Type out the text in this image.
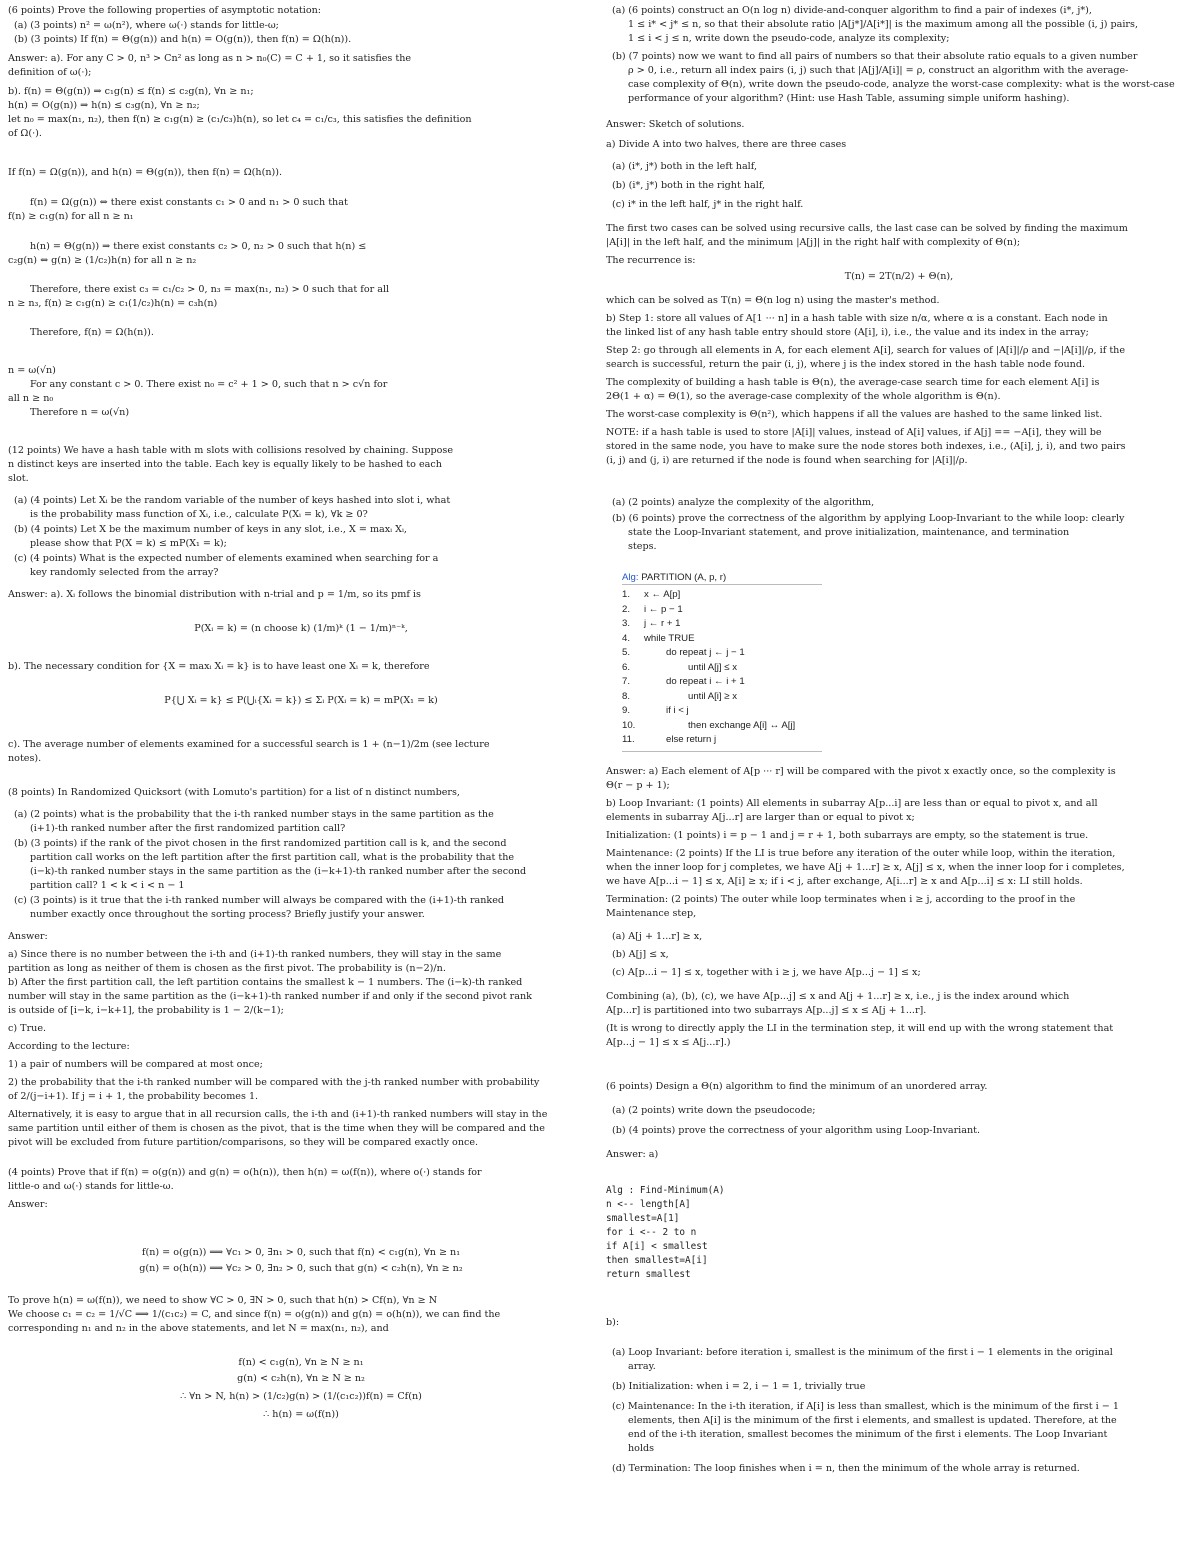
(6 points) Prove the following properties of asymptotic notation:
(a) (3 points) n² = ω(n²), where ω(·) stands for little-ω;
(b) (3 points) If f(n) = Θ(g(n)) and h(n) = O(g(n)), then f(n) = Ω(h(n)).
Answer: a). For any C > 0, n³ > Cn² as long as n > n₀(C) = C + 1, so it satisfies the
definition of ω(·);
b). f(n) = Θ(g(n)) ⇒ c₁g(n) ≤ f(n) ≤ c₂g(n), ∀n ≥ n₁;
h(n) = O(g(n)) ⇒ h(n) ≤ c₃g(n), ∀n ≥ n₂;
let n₀ = max(n₁, n₂), then f(n) ≥ c₁g(n) ≥ (c₁/c₃)h(n), so let c₄ = c₁/c₃, this satisfies the definition
of Ω(·).
If f(n) = Ω(g(n)), and h(n) = Θ(g(n)), then f(n) = Ω(h(n)).
f(n) = Ω(g(n)) ⇔ there exist constants c₁ > 0 and n₁ > 0 such that
f(n) ≥ c₁g(n) for all n ≥ n₁
h(n) = Θ(g(n)) ⇒ there exist constants c₂ > 0, n₂ > 0 such that h(n) ≤
c₂g(n) ⇔ g(n) ≥ (1/c₂)h(n) for all n ≥ n₂
Therefore, there exist c₃ = c₁/c₂ > 0, n₃ = max(n₁, n₂) > 0 such that for all
n ≥ n₃, f(n) ≥ c₁g(n) ≥ c₁(1/c₂)h(n) = c₃h(n)
Therefore, f(n) = Ω(h(n)).
n = ω(√n)
For any constant c > 0. There exist n₀ = c² + 1 > 0, such that n > c√n for
all n ≥ n₀
Therefore n = ω(√n)
(12 points) We have a hash table with m slots with collisions resolved by chaining. Suppose
n distinct keys are inserted into the table. Each key is equally likely to be hashed to each
slot.
(a) (4 points) Let Xᵢ be the random variable of the number of keys hashed into slot i, what
is the probability mass function of Xᵢ, i.e., calculate P(Xᵢ = k), ∀k ≥ 0?
(b) (4 points) Let X be the maximum number of keys in any slot, i.e., X = maxᵢ Xᵢ,
please show that P(X = k) ≤ mP(X₁ = k);
(c) (4 points) What is the expected number of elements examined when searching for a
key randomly selected from the array?
Answer: a). Xᵢ follows the binomial distribution with n-trial and p = 1/m, so its pmf is
P(Xᵢ = k) = (n choose k) (1/m)ᵏ (1 − 1/m)ⁿ⁻ᵏ,
b). The necessary condition for {X = maxᵢ Xᵢ = k} is to have least one Xᵢ = k, therefore
P{⋃ Xᵢ = k} ≤ P(⋃ᵢ{Xᵢ = k}) ≤ Σᵢ P(Xᵢ = k) = mP(X₁ = k)
c). The average number of elements examined for a successful search is 1 + (n−1)/2m (see lecture
notes).
(8 points) In Randomized Quicksort (with Lomuto's partition) for a list of n distinct numbers,
(a) (2 points) what is the probability that the i-th ranked number stays in the same partition as the
(i+1)-th ranked number after the first randomized partition call?
(b) (3 points) if the rank of the pivot chosen in the first randomized partition call is k, and the second
partition call works on the left partition after the first partition call, what is the probability that the
(i−k)-th ranked number stays in the same partition as the (i−k+1)-th ranked number after the second
partition call? 1 < k < i < n − 1
(c) (3 points) is it true that the i-th ranked number will always be compared with the (i+1)-th ranked
number exactly once throughout the sorting process? Briefly justify your answer.
Answer:
a) Since there is no number between the i-th and (i+1)-th ranked numbers, they will stay in the same
partition as long as neither of them is chosen as the first pivot. The probability is (n−2)/n.
b) After the first partition call, the left partition contains the smallest k − 1 numbers. The (i−k)-th ranked
number will stay in the same partition as the (i−k+1)-th ranked number if and only if the second pivot rank
is outside of [i−k, i−k+1], the probability is 1 − 2/(k−1);
c) True.
According to the lecture:
1) a pair of numbers will be compared at most once;
2) the probability that the i-th ranked number will be compared with the j-th ranked number with probability
of 2/(j−i+1). If j = i + 1, the probability becomes 1.
Alternatively, it is easy to argue that in all recursion calls, the i-th and (i+1)-th ranked numbers will stay in the
same partition until either of them is chosen as the pivot, that is the time when they will be compared and the
pivot will be excluded from future partition/comparisons, so they will be compared exactly once.
(4 points) Prove that if f(n) = o(g(n)) and g(n) = o(h(n)), then h(n) = ω(f(n)), where o(·) stands for
little-o and ω(·) stands for little-ω.
Answer:
f(n) = o(g(n)) ⟹ ∀c₁ > 0, ∃n₁ > 0, such that f(n) < c₁g(n), ∀n ≥ n₁
g(n) = o(h(n)) ⟹ ∀c₂ > 0, ∃n₂ > 0, such that g(n) < c₂h(n), ∀n ≥ n₂
To prove h(n) = ω(f(n)), we need to show ∀C > 0, ∃N > 0, such that h(n) > Cf(n), ∀n ≥ N
We choose c₁ = c₂ = 1/√C ⟹ 1/(c₁c₂) = C, and since f(n) = o(g(n)) and g(n) = o(h(n)), we can find the
corresponding n₁ and n₂ in the above statements, and let N = max(n₁, n₂), and
f(n) < c₁g(n), ∀n ≥ N ≥ n₁
g(n) < c₂h(n), ∀n ≥ N ≥ n₂
∴ ∀n > N, h(n) > (1/c₂)g(n) > (1/(c₁c₂))f(n) = Cf(n)
∴ h(n) = ω(f(n))
(a) (6 points) construct an O(n log n) divide-and-conquer algorithm to find a pair of indexes (i*, j*),
1 ≤ i* < j* ≤ n, so that their absolute ratio |A[j*]/A[i*]| is the maximum among all the possible (i, j) pairs,
1 ≤ i < j ≤ n, write down the pseudo-code, analyze its complexity;
(b) (7 points) now we want to find all pairs of numbers so that their absolute ratio equals to a given number
ρ > 0, i.e., return all index pairs (i, j) such that |A[j]/A[i]| = ρ, construct an algorithm with the average-
case complexity of Θ(n), write down the pseudo-code, analyze the worst-case complexity: what is the worst-case
performance of your algorithm? (Hint: use Hash Table, assuming simple uniform hashing).
Answer: Sketch of solutions.
a) Divide A into two halves, there are three cases
(a) (i*, j*) both in the left half,
(b) (i*, j*) both in the right half,
(c) i* in the left half, j* in the right half.
The first two cases can be solved using recursive calls, the last case can be solved by finding the maximum
|A[i]| in the left half, and the minimum |A[j]| in the right half with complexity of Θ(n);
The recurrence is:
T(n) = 2T(n/2) + Θ(n),
which can be solved as T(n) = Θ(n log n) using the master's method.
b) Step 1: store all values of A[1 ··· n] in a hash table with size n/α, where α is a constant. Each node in
the linked list of any hash table entry should store (A[i], i), i.e., the value and its index in the array;
Step 2: go through all elements in A, for each element A[i], search for values of |A[i]|/ρ and −|A[i]|/ρ, if the
search is successful, return the pair (i, j), where j is the index stored in the hash table node found.
The complexity of building a hash table is Θ(n), the average-case search time for each element A[i] is
2Θ(1 + α) = Θ(1), so the average-case complexity of the whole algorithm is Θ(n).
The worst-case complexity is Θ(n²), which happens if all the values are hashed to the same linked list.
NOTE: if a hash table is used to store |A[i]| values, instead of A[i] values, if A[j] == −A[i], they will be
stored in the same node, you have to make sure the node stores both indexes, i.e., (A[i], j, i), and two pairs
(i, j) and (j, i) are returned if the node is found when searching for |A[i]|/ρ.
(a) (2 points) analyze the complexity of the algorithm,
(b) (6 points) prove the correctness of the algorithm by applying Loop-Invariant to the while loop: clearly
state the Loop-Invariant statement, and prove initialization, maintenance, and termination
steps.
Answer: a) Each element of A[p ··· r] will be compared with the pivot x exactly once, so the complexity is
Θ(r − p + 1);
b) Loop Invariant: (1 points) All elements in subarray A[p...i] are less than or equal to pivot x, and all
elements in subarray A[j...r] are larger than or equal to pivot x;
Initialization: (1 points) i = p − 1 and j = r + 1, both subarrays are empty, so the statement is true.
Maintenance: (2 points) If the LI is true before any iteration of the outer while loop, within the iteration,
when the inner loop for j completes, we have A[j + 1...r] ≥ x, A[j] ≤ x, when the inner loop for i completes,
we have A[p...i − 1] ≤ x, A[i] ≥ x; if i < j, after exchange, A[i...r] ≥ x and A[p...i] ≤ x: LI still holds.
Termination: (2 points) The outer while loop terminates when i ≥ j, according to the proof in the
Maintenance step,
(a) A[j + 1...r] ≥ x,
(b) A[j] ≤ x,
(c) A[p...i − 1] ≤ x, together with i ≥ j, we have A[p...j − 1] ≤ x;
Combining (a), (b), (c), we have A[p...j] ≤ x and A[j + 1...r] ≥ x, i.e., j is the index around which
A[p...r] is partitioned into two subarrays A[p...j] ≤ x ≤ A[j + 1...r].
(It is wrong to directly apply the LI in the termination step, it will end up with the wrong statement that
A[p...j − 1] ≤ x ≤ A[j...r].)
(6 points) Design a Θ(n) algorithm to find the minimum of an unordered array.
(a) (2 points) write down the pseudocode;
(b) (4 points) prove the correctness of your algorithm using Loop-Invariant.
Answer: a)
Alg : Find-Minimum(A)
n <-- length[A]
smallest=A[1]
for i <-- 2 to n
if A[i] < smallest
then smallest=A[i]
return smallest
b):
(a) Loop Invariant: before iteration i, smallest is the minimum of the first i − 1 elements in the original
array.
(b) Initialization: when i = 2, i − 1 = 1, trivially true
(c) Maintenance: In the i-th iteration, if A[i] is less than smallest, which is the minimum of the first i − 1
elements, then A[i] is the minimum of the first i elements, and smallest is updated. Therefore, at the
end of the i-th iteration, smallest becomes the minimum of the first i elements. The Loop Invariant
holds
(d) Termination: The loop finishes when i = n, then the minimum of the whole array is returned.
Alg: PARTITION (A, p, r)
1. x ← A[p]
2. i ← p − 1
3. j ← r + 1
4. while TRUE
5.	do repeat j ← j − 1
6.	until A[j] ≤ x
7.	do repeat i ← i + 1
8.	until A[i] ≥ x
9.	if i < j
10.	then exchange A[i] ↔ A[j]
11.	else return j
